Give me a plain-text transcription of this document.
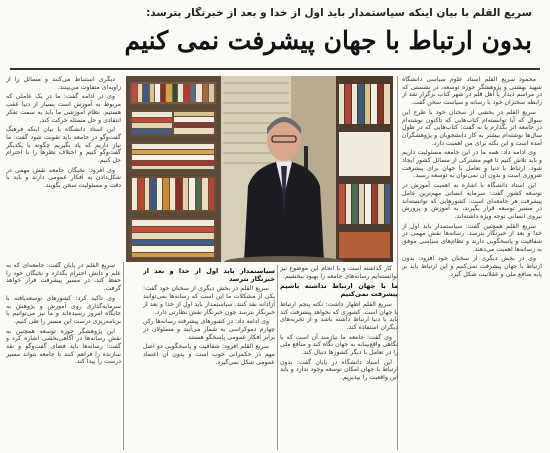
سریع القلم با بیان اینکه سیاستمدار باید اول از خدا و بعد از خبرنگار بترسد:
بدون ارتباط با جهان پیشرفت نمی کنیم

محمود سریع القلم استاد علوم سیاسی دانشگاه شهید بهشتی و پژوهشگر حوزه توسعه، در نشستی که در مراسم دیدار با اهل قلم در شهر کتاب برگزار شد از رابطه سخنران خود با رسانه و سیاست سخن گفت.

سریع القلم در بخشی از سخنان خود با طرح این سوال که آیا توانسته‌ام کتاب‌هایی که تاکنون نوشته‌ام در جامعه اثر بگذارم یا نه گفت: کتاب‌هایی که در طول سال‌ها نوشته‌ام بیشتر به کار دانشجویان و پژوهشگران آمده است و این نکته برای من اهمیت دارد.

وی ادامه داد: همه ما در این جامعه مسئولیت داریم و باید تلاش کنیم تا فهم مشترکی از مسائل کشور ایجاد شود. ارتباط با دنیا و تعامل با جهان برای پیشرفت ضروری است و بدون آن نمی‌توان به توسعه رسید.

این استاد دانشگاه با اشاره به اهمیت آموزش در توسعه کشور گفت: سرمایه انسانی مهم‌ترین عامل پیشرفت هر جامعه‌ای است. کشورهایی که توانسته‌اند در مسیر توسعه قرار بگیرند، به آموزش و پرورش نیروی انسانی توجه ویژه داشته‌اند.

سریع القلم همچنین گفت: سیاستمدار باید اول از خدا و بعد از خبرنگار بترسد. رسانه‌ها نقش مهمی در شفافیت و پاسخگویی دارند و نظام‌های سیاسی موفق به رسانه‌ها اهمیت می‌دهند.

وی در بخش دیگری از سخنان خود افزود: بدون ارتباط با جهان پیشرفت نمی‌کنیم و این ارتباط باید بر پایه منافع ملی و عقلانیت شکل گیرد.

دیگری استنباط می‌کنند و مسائل را از زاویه‌ای متفاوت می‌بینند.

وی در ادامه گفت: ما در یک عاملی که مربوط به آموزش است بسیار از دنیا عقب هستیم. نظام آموزشی ما باید به سمت تفکر انتقادی و حل مسئله حرکت کند.

این استاد دانشگاه با بیان اینکه فرهنگ گفت‌وگو در جامعه باید تقویت شود گفت: ما نیاز داریم که یاد بگیریم چگونه با یکدیگر گفت‌وگو کنیم و اختلاف نظرها را با احترام حل کنیم.

وی افزود: نخبگان جامعه نقش مهمی در شکل‌دادن به افکار عمومی دارند و باید با دقت و مسئولیت سخن بگویند.

سریع القلم در پایان گفت: جامعه‌ای که به علم و دانش احترام بگذارد و نخبگان خود را حفظ کند، در مسیر پیشرفت قرار خواهد گرفت.

وی تاکید کرد: کشورهای توسعه‌یافته با سرمایه‌گذاری روی آموزش و پژوهش به جایگاه امروز رسیده‌اند و ما نیز می‌توانیم با برنامه‌ریزی درست این مسیر را طی کنیم.

این پژوهشگر حوزه توسعه همچنین به نقش رسانه‌ها در آگاهی‌بخشی اشاره کرد و گفت: رسانه‌ها باید فضای گفت‌وگو و نقد سازنده را فراهم کنند تا جامعه بتواند مسیر درست را پیدا کند.

سیاستمدار باید اول از خدا و بعد از خبرنگار بترسد

سریع القلم در بخش دیگری از سخنان خود گفت: یکی از مشکلات ما این است که رسانه‌ها نمی‌توانند آزادانه نقد کنند. سیاستمدار باید اول از خدا و بعد از خبرنگار بترسد چون خبرنگار نقش نظارتی دارد.

وی ادامه داد: در کشورهای پیشرفته رسانه‌ها رکن چهارم دموکراسی به شمار می‌آیند و مسئولان در برابر افکار عمومی پاسخگو هستند.

سریع القلم افزود: شفافیت و پاسخگویی دو اصل مهم در حکمرانی خوب است و بدون آن اعتماد عمومی شکل نمی‌گیرد.

کار گذاشته است و با انجام این موضوع نیز توانسته‌ایم رسانه‌های جامعه را بهبود ببخشیم.

ما با جهان ارتباط نداشته باشیم پیشرفت نمی‌کنیم

سریع القلم اظهار داشت: نکته پنجم ارتباط با جهان است. کشوری که بخواهد پیشرفت کند باید با دنیا ارتباط داشته باشد و از تجربه‌های دیگران استفاده کند.

وی گفت: جامعه ما نیازمند آن است که با نگاهی واقع‌بینانه به جهان نگاه کند و منافع ملی را در تعامل با دیگر کشورها دنبال کند.

این استاد دانشگاه در پایان گفت: بدون ارتباط با جهان امکان توسعه وجود ندارد و باید این واقعیت را بپذیریم.
